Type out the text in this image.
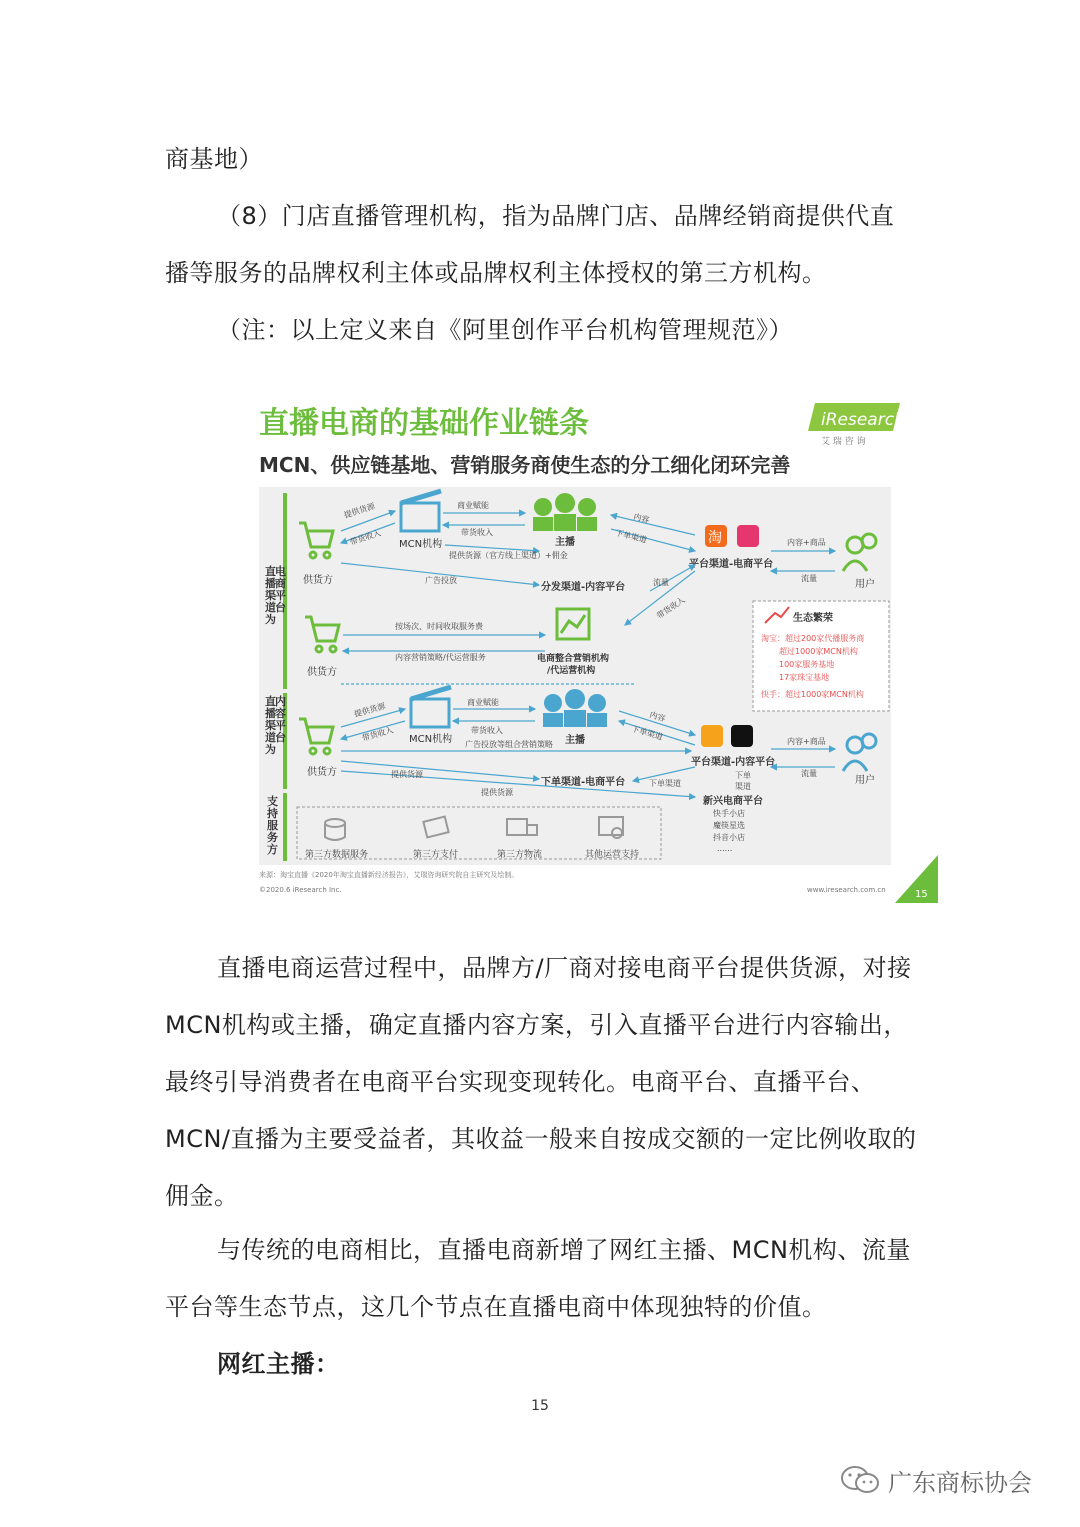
商基地）
（8）门店直播管理机构，指为品牌门店、品牌经销商提供代直
播等服务的品牌权利主体或品牌权利主体授权的第三方机构。
（注：以上定义来自《阿里创作平台机构管理规范》）
直播电商的基础作业链条
MCN、供应链基地、营销服务商使生态的分工细化闭环完善
iResearch
艾 瑞 咨 询
直播渠道为
直播渠道为
支持服务方
供货方
MCN机构	主播	淘
平台渠道-电商平台
用户
分发渠道-内容平台
提供货源
带货收入
商业赋能
带货收入
提供货源（官方线上渠道）+佣金
内容
下单渠道
广告投放	流量
带货收入
内容+商品
流量
按场次、时间收取服务费
内容营销策略/代运营服务
供货方
电商整合营销机构
/代运营机构
生态繁荣
淘宝：超过200家代播服务商
超过1000家MCN机构
100家服务基地
17家珠宝基地
快手：超过1000家MCN机构
供货方
MCN机构	主播
平台渠道-内容平台
用户
下单渠道-电商平台
新兴电商平台
快手小店
魔筷星选
抖音小店
......
下单
渠道
提供货源
带货收入
商业赋能
带货收入
广告投放等组合营销策略
内容
下单渠道
提供货源
下单渠道
提供货源
内容+商品
流量
第三方数据服务	第三方支付	第三方物流	其他运营支持
来源：淘宝直播《2020年淘宝直播新经济报告》，艾瑞咨询研究院自主研究及绘制。
©2020.6 iResearch Inc.	www.iresearch.com.cn	15
电商平台
内容平台
直播电商运营过程中，品牌方/厂商对接电商平台提供货源，对接MCN机构或主播，确定直播内容方案，引入直播平台进行内容输出，最终引导消费者在电商平台实现变现转化。电商平台、直播平台、MCN/直播为主要受益者，其收益一般来自按成交额的一定比例收取的佣金。
与传统的电商相比，直播电商新增了网红主播、MCN机构、流量平台等生态节点，这几个节点在直播电商中体现独特的价值。
网红主播：
15
广东商标协会
